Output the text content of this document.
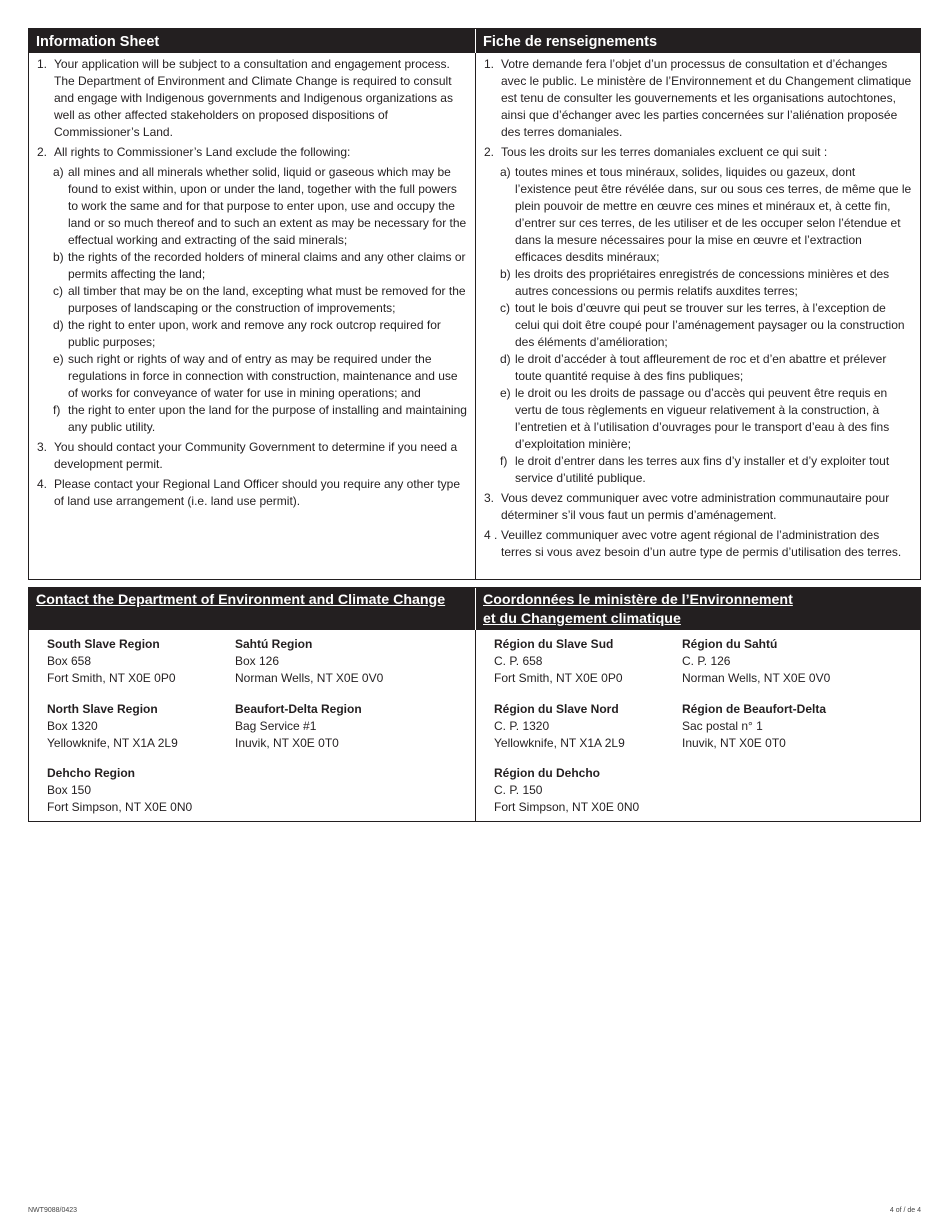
Information Sheet
1. Your application will be subject to a consultation and engagement process. The Department of Environment and Climate Change is required to consult and engage with Indigenous governments and Indigenous organizations as well as other affected stakeholders on proposed dispositions of Commissioner’s Land.
2. All rights to Commissioner’s Land exclude the following:
a) all mines and all minerals whether solid, liquid or gaseous which may be found to exist within, upon or under the land, together with the full powers to work the same and for that purpose to enter upon, use and occupy the land or so much thereof and to such an extent as may be necessary for the effectual working and extracting of the said minerals;
b) the rights of the recorded holders of mineral claims and any other claims or permits affecting the land;
c) all timber that may be on the land, excepting what must be removed for the purposes of landscaping or the construction of improvements;
d) the right to enter upon, work and remove any rock outcrop required for public purposes;
e) such right or rights of way and of entry as may be required under the regulations in force in connection with construction, maintenance and use of works for conveyance of water for use in mining operations; and
f) the right to enter upon the land for the purpose of installing and maintaining any public utility.
3. You should contact your Community Government to determine if you need a development permit.
4. Please contact your Regional Land Officer should you require any other type of land use arrangement (i.e. land use permit).
Fiche de renseignements
1. Votre demande fera l’objet d’un processus de consultation et d’échanges avec le public. Le ministère de l’Environnement et du Changement climatique est tenu de consulter les gouvernements et les organisations autochtones, ainsi que d’échanger avec les parties concernées sur l’aliénation proposée des terres domaniales.
2. Tous les droits sur les terres domaniales excluent ce qui suit :
a) toutes mines et tous minéraux, solides, liquides ou gazeux, dont l’existence peut être révélée dans, sur ou sous ces terres, de même que le plein pouvoir de mettre en œuvre ces mines et minéraux et, à cette fin, d’entrer sur ces terres, de les utiliser et de les occuper selon l’étendue et dans la mesure nécessaires pour la mise en œuvre et l’extraction efficaces desdits minéraux;
b) les droits des propriétaires enregistrés de concessions minières et des autres concessions ou permis relatifs auxdites terres;
c) tout le bois d’œuvre qui peut se trouver sur les terres, à l’exception de celui qui doit être coupé pour l’aménagement paysager ou la construction des éléments d’amélioration;
d) le droit d’accéder à tout affleurement de roc et d’en abattre et prélever toute quantité requise à des fins publiques;
e) le droit ou les droits de passage ou d’accès qui peuvent être requis en vertu de tous règlements en vigueur relativement à la construction, à l’entretien et à l’utilisation d’ouvrages pour le transport d’eau à des fins d’exploitation minière;
f) le droit d’entrer dans les terres aux fins d’y installer et d’y exploiter tout service d’utilité publique.
3. Vous devez communiquer avec votre administration communautaire pour déterminer s’il vous faut un permis d’aménagement.
4 . Veuillez communiquer avec votre agent régional de l’administration des terres si vous avez besoin d’un autre type de permis d’utilisation des terres.
Contact the Department of Environment and Climate Change
South Slave Region
Box 658
Fort Smith, NT X0E 0P0
Sahtú Region
Box 126
Norman Wells, NT X0E 0V0
North Slave Region
Box 1320
Yellowknife, NT X1A 2L9
Beaufort-Delta Region
Bag Service #1
Inuvik, NT X0E 0T0
Dehcho Region
Box 150
Fort Simpson, NT X0E 0N0
Coordonnées le ministère de l’Environnement
et du Changement climatique
Région du Slave Sud
C. P. 658
Fort Smith, NT X0E 0P0
Région du Sahtú
C. P. 126
Norman Wells, NT X0E 0V0
Région du Slave Nord
C. P. 1320
Yellowknife, NT X1A 2L9
Région de Beaufort-Delta
Sac postal n° 1
Inuvik, NT X0E 0T0
Région du Dehcho
C. P. 150
Fort Simpson, NT X0E 0N0
NWT9088/0423	4 of / de 4
